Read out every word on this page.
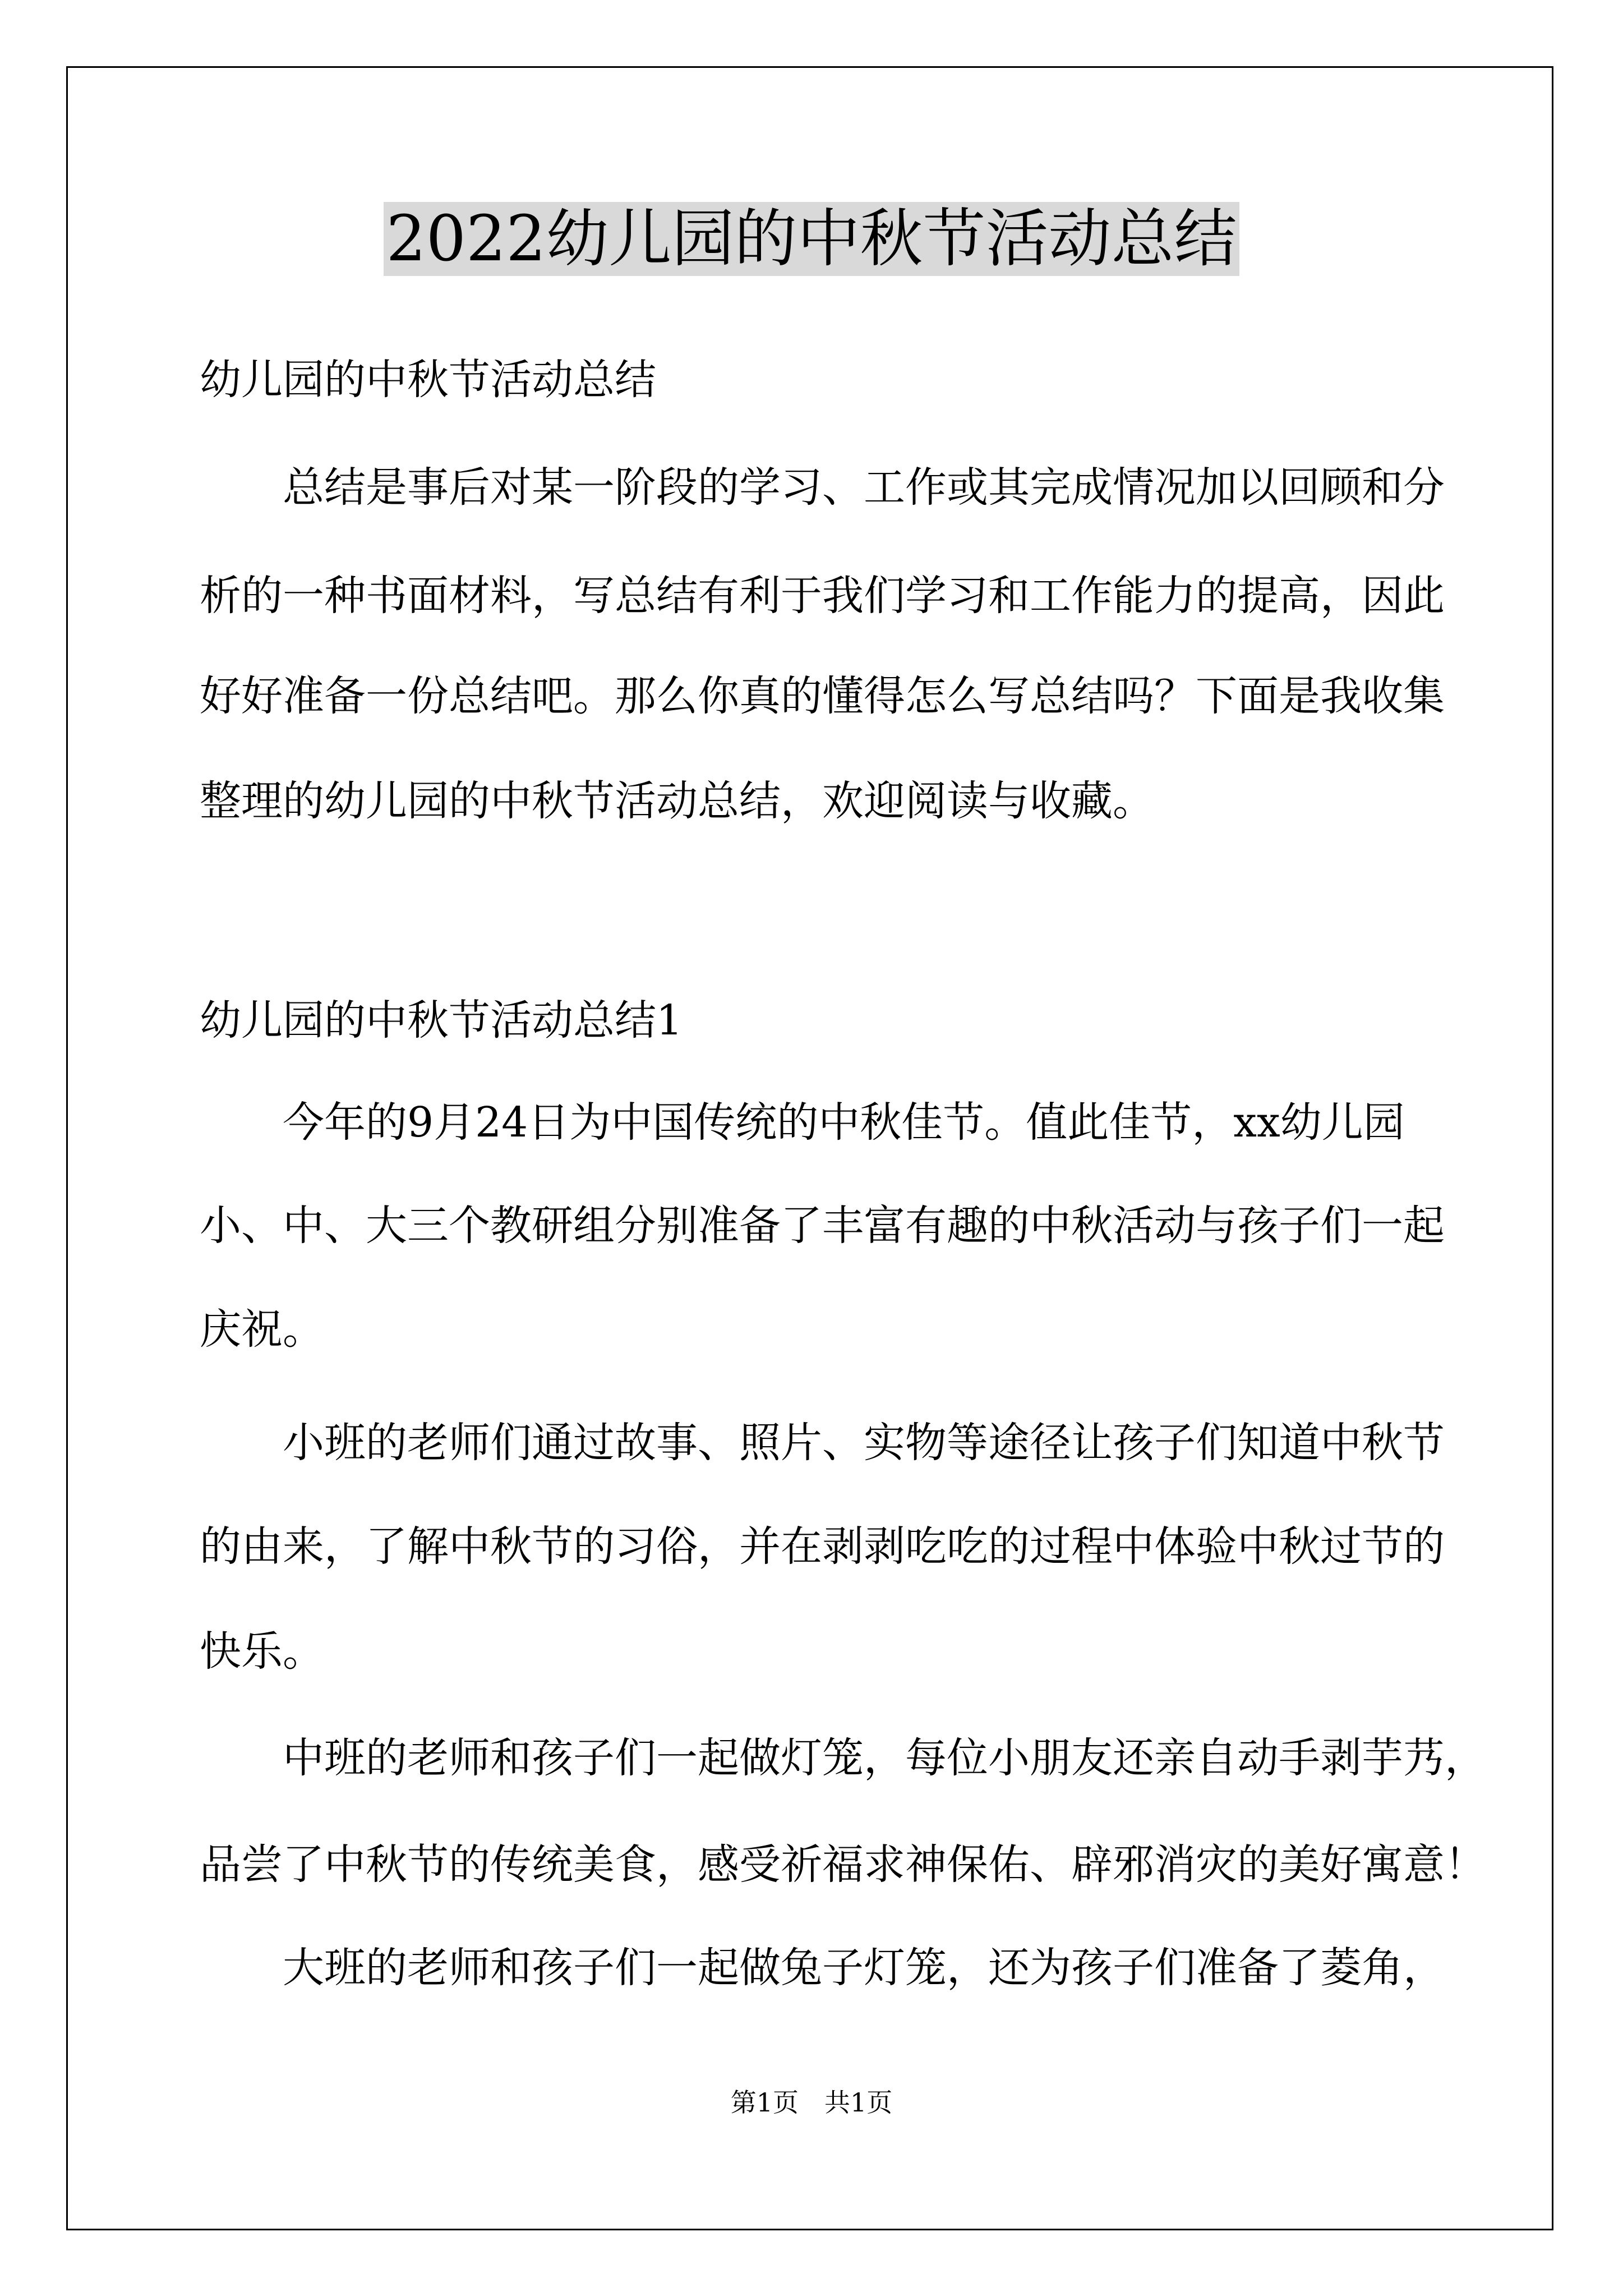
2022幼儿园的中秋节活动总结
幼儿园的中秋节活动总结
总结是事后对某一阶段的学习、工作或其完成情况加以回顾和分
析的一种书面材料，写总结有利于我们学习和工作能力的提高，因此
好好准备一份总结吧。那么你真的懂得怎么写总结吗？下面是我收集
整理的幼儿园的中秋节活动总结，欢迎阅读与收藏。
幼儿园的中秋节活动总结1
今年的9月24日为中国传统的中秋佳节。值此佳节，xx幼儿园
小、中、大三个教研组分别准备了丰富有趣的中秋活动与孩子们一起
庆祝。
小班的老师们通过故事、照片、实物等途径让孩子们知道中秋节
的由来，了解中秋节的习俗，并在剥剥吃吃的过程中体验中秋过节的
快乐。
中班的老师和孩子们一起做灯笼，每位小朋友还亲自动手剥芋艿，
品尝了中秋节的传统美食，感受祈福求神保佑、辟邪消灾的美好寓意！
大班的老师和孩子们一起做兔子灯笼，还为孩子们准备了菱角，
第1页　共1页
